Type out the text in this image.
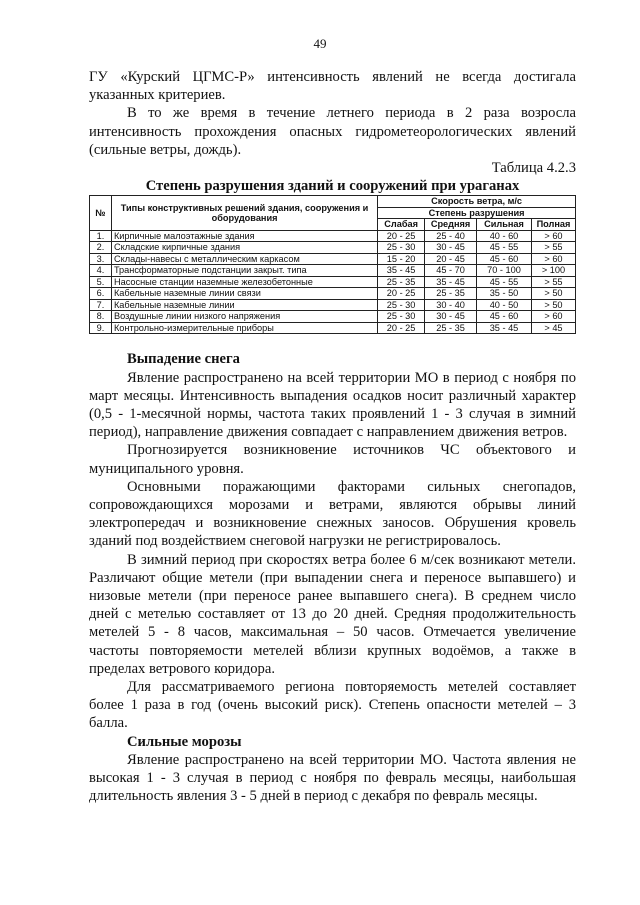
49

ГУ «Курский ЦГМС-Р» интенсивность явлений не всегда достигала указанных критериев.

В то же время в течение летнего периода в 2 раза возросла интенсивность прохождения опасных гидрометеорологических явлений (сильные ветры, дождь).

Таблица 4.2.3

Степень разрушения зданий и сооружений при ураганах

№	Типы конструктивных решений здания, сооружения и оборудования	Скорость ветра, м/с			
		Степень разрушения			
		Слабая	Средняя	Сильная	Полная
1.	Кирпичные малоэтажные здания	20 - 25	25 - 40	40 - 60	> 60
2.	Складские кирпичные здания	25 - 30	30 - 45	45 - 55	> 55
3.	Склады-навесы с металлическим каркасом	15 - 20	20 - 45	45 - 60	> 60
4.	Трансформаторные подстанции закрыт. типа	35 - 45	45 - 70	70 - 100	> 100
5.	Насосные станции наземные железобетонные	25 - 35	35 - 45	45 - 55	> 55
6.	Кабельные наземные линии связи	20 - 25	25 - 35	35 - 50	> 50
7.	Кабельные наземные линии	25 - 30	30 - 40	40 - 50	> 50
8.	Воздушные линии низкого напряжения	25 - 30	30 - 45	45 - 60	> 60
9.	Контрольно-измерительные приборы	20 - 25	25 - 35	35 - 45	> 45
Выпадение снега

Явление распространено на всей территории МО в период с ноября по март месяцы. Интенсивность выпадения осадков носит различный характер (0,5 - 1-месячной нормы, частота таких проявлений 1 - 3 случая в зимний период), направление движения совпадает с направлением движения ветров.

Прогнозируется возникновение источников ЧС объектового и муниципального уровня.

Основными поражающими факторами сильных снегопадов, сопровождающихся морозами и ветрами, являются обрывы линий электропередач и возникновение снежных заносов. Обрушения кровель зданий под воздействием снеговой нагрузки не регистрировалось.

В зимний период при скоростях ветра более 6 м/сек возникают метели. Различают общие метели (при выпадении снега и переносе выпавшего) и низовые метели (при переносе ранее выпавшего снега). В среднем число дней с метелью составляет от 13 до 20 дней. Средняя продолжительность метелей 5 - 8 часов, максимальная – 50 часов. Отмечается увеличение частоты повторяемости метелей вблизи крупных водоёмов, а также в пределах ветрового коридора.

Для рассматриваемого региона повторяемость метелей составляет более 1 раза в год (очень высокий риск). Степень опасности метелей – 3 балла.

Сильные морозы

Явление распространено на всей территории МО. Частота явления не высокая 1 - 3 случая в период с ноября по февраль месяцы, наибольшая длительность явления 3 - 5 дней в период с декабря по февраль месяцы.
